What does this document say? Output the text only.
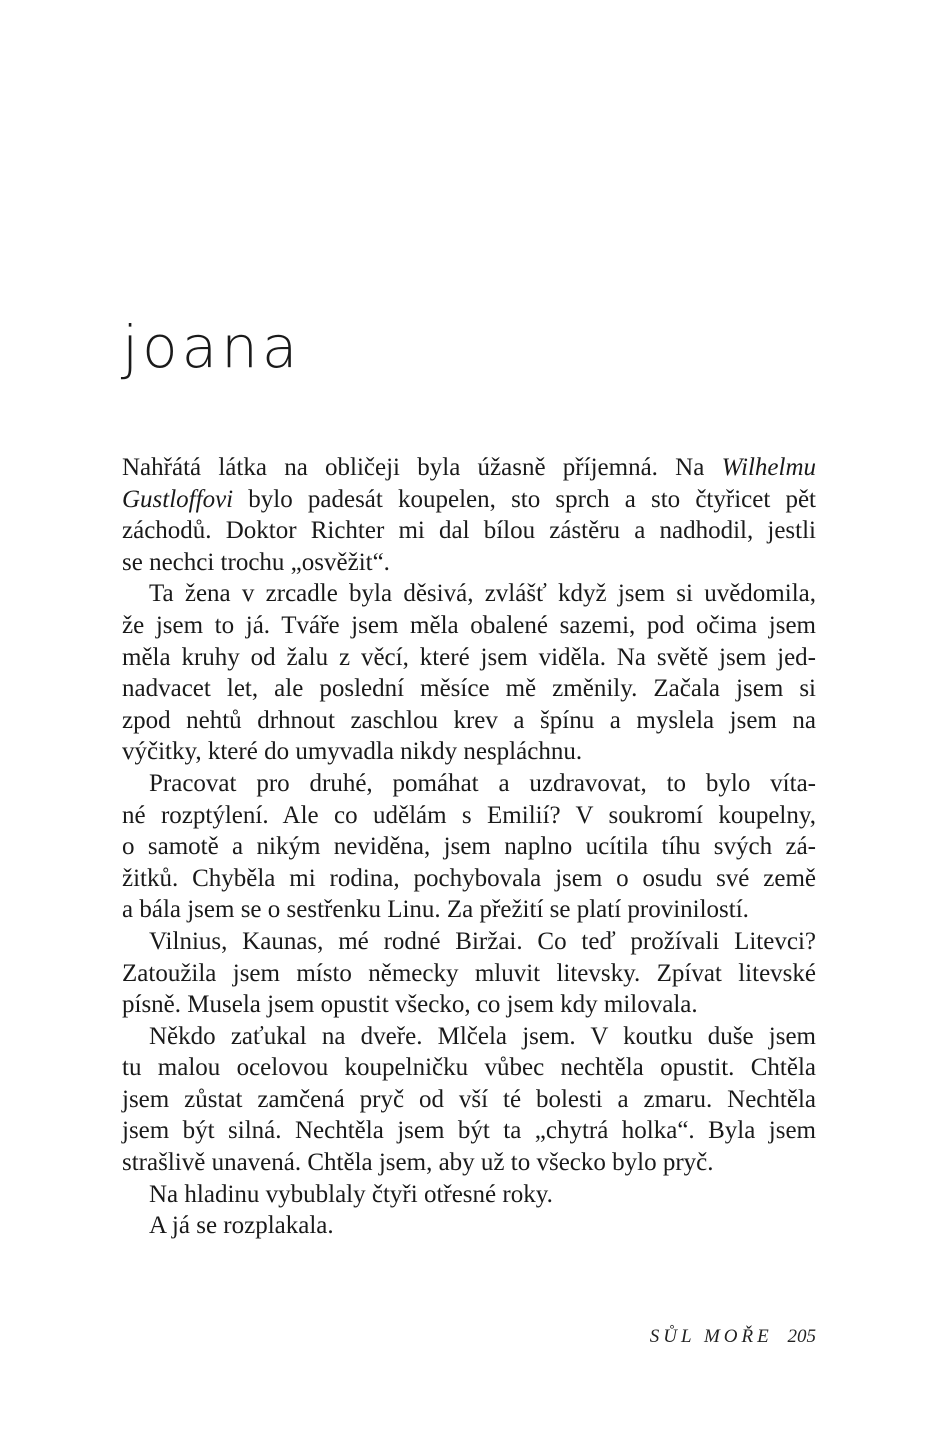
joana
Nahřátá látka na obličeji byla úžasně příjemná. Na Wilhelmu
Gustloffovi bylo padesát koupelen, sto sprch a sto čtyřicet pět
záchodů. Doktor Richter mi dal bílou zástěru a nadhodil, jestli
se nechci trochu „osvěžit“.
Ta žena v zrcadle byla děsivá, zvlášť když jsem si uvědomila,
že jsem to já. Tváře jsem měla obalené sazemi, pod očima jsem
měla kruhy od žalu z věcí, které jsem viděla. Na světě jsem jed-
nadvacet let, ale poslední měsíce mě změnily. Začala jsem si
zpod nehtů drhnout zaschlou krev a špínu a myslela jsem na
výčitky, které do umyvadla nikdy nespláchnu.
Pracovat pro druhé, pomáhat a uzdravovat, to bylo víta-
né rozptýlení. Ale co udělám s Emilií? V soukromí koupelny,
o samotě a nikým neviděna, jsem naplno ucítila tíhu svých zá-
žitků. Chyběla mi rodina, pochybovala jsem o osudu své země
a bála jsem se o sestřenku Linu. Za přežití se platí provinilostí.
Vilnius, Kaunas, mé rodné Biržai. Co teď prožívali Litevci?
Zatoužila jsem místo německy mluvit litevsky. Zpívat litevské
písně. Musela jsem opustit všecko, co jsem kdy milovala.
Někdo zaťukal na dveře. Mlčela jsem. V koutku duše jsem
tu malou ocelovou koupelničku vůbec nechtěla opustit. Chtěla
jsem zůstat zamčená pryč od vší té bolesti a zmaru. Nechtěla
jsem být silná. Nechtěla jsem být ta „chytrá holka“. Byla jsem
strašlivě unavená. Chtěla jsem, aby už to všecko bylo pryč.
Na hladinu vybublaly čtyři otřesné roky.
A já se rozplakala.
SŮL MOŘE 205
